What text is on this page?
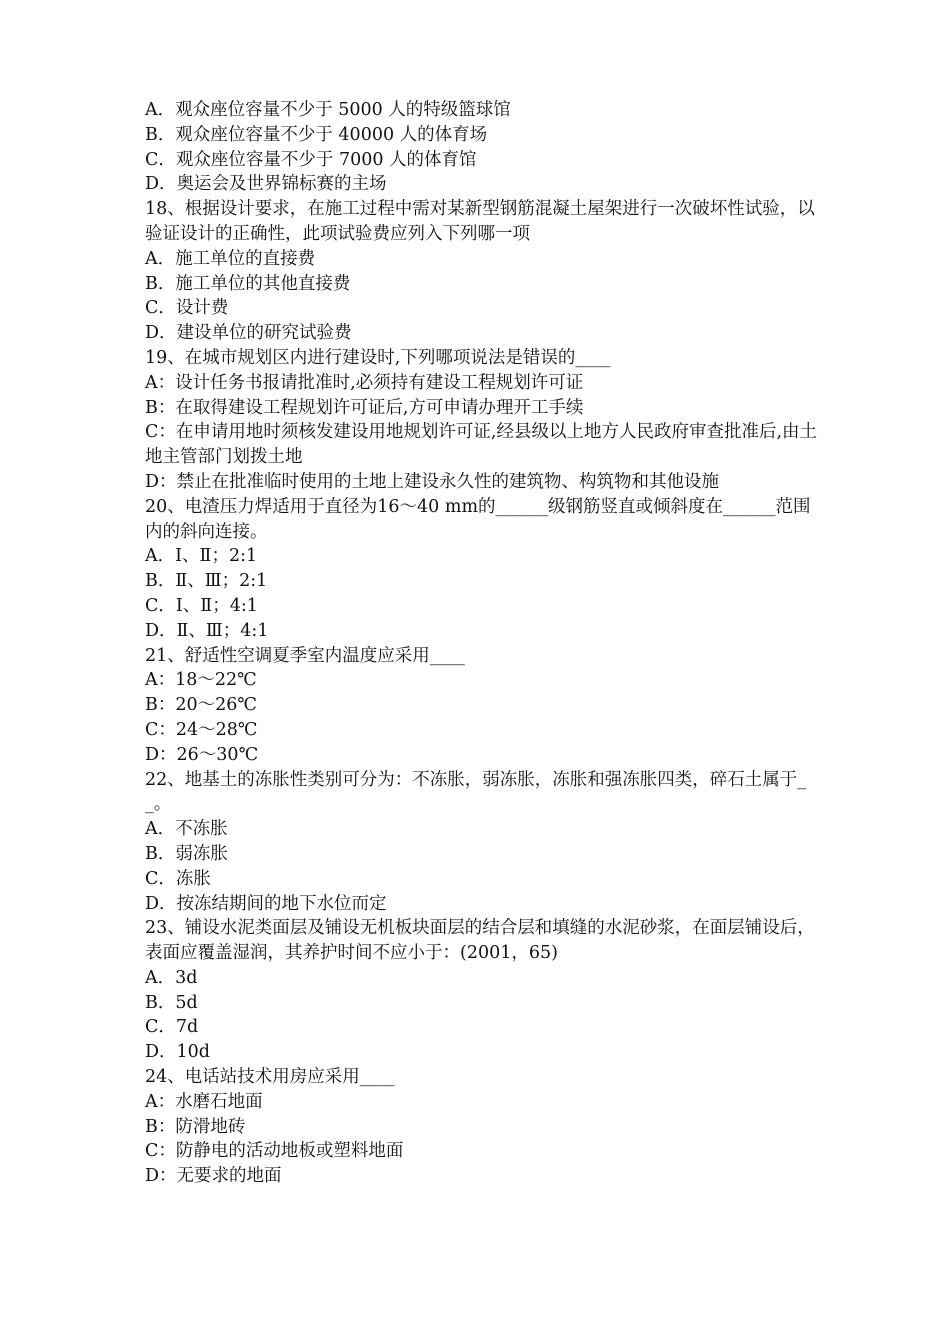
A．观众座位容量不少于 5000 人的特级篮球馆

B．观众座位容量不少于 40000 人的体育场

C．观众座位容量不少于 7000 人的体育馆

D．奥运会及世界锦标赛的主场

18、根据设计要求，在施工过程中需对某新型钢筋混凝土屋架进行一次破坏性试验，以验证设计的正确性，此项试验费应列入下列哪一项

A．施工单位的直接费

B．施工单位的其他直接费

C．设计费

D．建设单位的研究试验费

19、在城市规划区内进行建设时,下列哪项说法是错误的____

A：设计任务书报请批准时,必须持有建设工程规划许可证

B：在取得建设工程规划许可证后,方可申请办理开工手续

C：在申请用地时须核发建设用地规划许可证,经县级以上地方人民政府审查批准后,由土地主管部门划拨土地

D：禁止在批准临时使用的土地上建设永久性的建筑物、构筑物和其他设施

20、电渣压力焊适用于直径为16～40 mm的______级钢筋竖直或倾斜度在______范围内的斜向连接。

A．Ⅰ、Ⅱ；2:1

B．Ⅱ、Ⅲ；2:1

C．Ⅰ、Ⅱ；4:1

D．Ⅱ、Ⅲ；4:1

21、舒适性空调夏季室内温度应采用____

A：18～22℃

B：20～26℃

C：24～28℃

D：26～30℃

22、地基土的冻胀性类别可分为：不冻胀，弱冻胀，冻胀和强冻胀四类，碎石土属于__。

A．不冻胀

B．弱冻胀

C．冻胀

D．按冻结期间的地下水位而定

23、铺设水泥类面层及铺设无机板块面层的结合层和填缝的水泥砂浆，在面层铺设后，表面应覆盖湿润，其养护时间不应小于：(2001，65)

A．3d

B．5d

C．7d

D．10d

24、电话站技术用房应采用____

A：水磨石地面

B：防滑地砖

C：防静电的活动地板或塑料地面

D：无要求的地面
